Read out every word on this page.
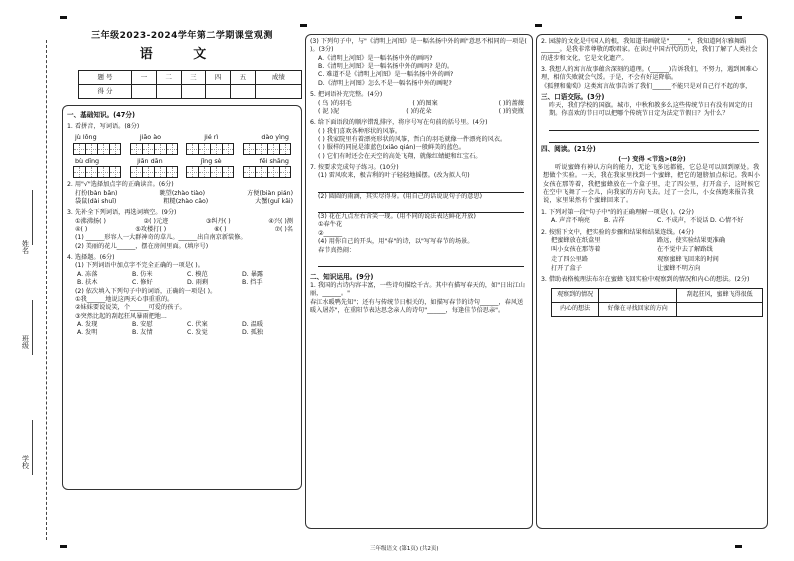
学校
班级
姓名
三年级2023-2024学年第二学期课堂观测
语 文
题 号	一	二	三	四	五	成绩
得 分						
一、基础知识。(47分)
1. 看拼音，写词语。(8分)
jù lǒng	jiāo ào	jié rì	dào yìng
bù dīng	jiǎn dān	jǐng sè	fēi shāng
2. 用"√"选择加点字的正确读音。(6分)
打扮(bàn bān)	眺望(zhào tiào)	方便(biàn pián)
袋鼠(dài shuǐ)	粗糙(zhào cāo)	大蟹(guǐ kāi)
3. 先补全下列词语，再选词填空。(9分)
①沸沸扬( )	②( )元迹	③纠丹( )	④兴( )测
④( )	⑤攻楼打( )	⑥( )	⑦( )名
(1) ______形容人一大群神奇的草儿。______出自南京新装修。
(2) 美丽的花儿______，摆在房间里面。(填序号)
4. 选择题。(6分)
(1) 下列词语中加点字不完全正确的一项是( )。
A. 冻落	B. 仿米	C. 模范	D. 暴露
B. 扶木	C. 修好	D. 雨剩	B. 挡手
(2) 依次填入下列句子中的词语，正确的一项是( )。
①我______地说这两天心事重重的。
②妹妹要说说笑，个______可爱的孩子。
③突然比起的刮起狂风暴雨把地...
A. 发现	B. 安慰	C. 伏案	D. 温暖
A. 发明	B. 友情	C. 发觉	D. 孤独
(3) 下列句子中，与"《清明上河图》是一幅名扬中外的画"意思不相同的一项是( )。(3分)
A.《清明上河图》是一幅名扬中外的画吗?
B.《清明上河图》是一幅名扬中外的画吗? 是的。
C. 难道不是《清明上河图》是一幅名扬中外的画?
D.《清明上河图》怎么不是一幅名扬中外的画呢?
5. 把词语补充完整。(4分)
( 鸟 )的羽毛	( )的图案	( )的蔷薇
( 泥 )泥	( )的花朵	( )的瓷瓶
6. 给下面语段的顺序错乱排序，将序号写在句前的括号里。(4分)
( ) 我们喜欢各种形状的风筝。
( ) 我家院里有着漂亮形状的风筝，哲白的羽毛就像一件漂亮的风衣。
( ) 服样的同昆是漆蓝色(xiāo qián)一般鲜美的蓝色。
( ) 它们有时还会在天空的高处飞翔，就像红蜻蜓和红宝石。
7. 按要求完成句子练习。(10分)
(1) 雷风吹来，极吉利的叶子轻轻地摇摆。(改为拟人句)
(2) 圆圆的雨滴，其实尽得身。(用自己的话说说句子的意思)
(3) 花在九点左右含笑一现。(用不同的说法表达鲜花开放)
①春牛花
②______
(4) 用你自己的开头，用"春"的诗，以"写写春节的场景。
春节真热闹：
二、知识运用。(9分)
1. 我国的古诗内容丰富，一些诗句描绘千古。其中有描写春天的，如"日出江山丽，______。"
春江水暖鸭先知"；还有与传统节日相关的，如描写春节的诗句______，春风送暖入屠苏"，在重阳节表达思念亲人的诗句"______，每逢佳节倍思亲"。
2. 园游的文化是中国人的根，我知道书画就是"______"，我知道阿尔雅舞蹈______。是我非常尊敬的歌唱家。在读过中国古代的历史，我们了解了人类社会的进步和文化，它是文化遗产。
3. 我想人的寓言故事蕴含深刻的道理。(______)告诉我们，不努力，遇到困难心理，相信失败就会气馁。于是，不会有好运降临。
《狐狸和葡萄》这类寓言故事告诉了我们______不能只是对自己行不起的事，
三、口语交际。(3分)
昨天，我们学校的国旗。城市，中秋和教多么这些传统节日有没有固定的日期。你喜欢的节日可以把哪个传统节日定为法定节假日？为什么？
四、阅读。(21分)
(一) 变得 <节选>(8分)
听说蜜蜂有神认方向的能力，无论飞多远都能，它总是可以回到原处。我想做个实验。一天，我在我家里找到一个蜜蜂，把它的翅膀加点标记。我叫小女孩在那等着，我把蜜蜂放在一个盒子里，走了四公里，打开盒子，这时候它在空中飞舞了一会儿，向我家的方向飞去。过了一会儿，小女孩跑来报告我说，家里果然有个蜜蜂回来了。
1. 下列对第一段"句子中"的的正确理解一项是( )。(2分)
A. 声音不响亮	B. 吉祥	C. 不成声，不说话 D. 心情不好
2. 按照下文中，把实验的步骤和结果和结果连线。(4分)
把蜜蜂放在纸盒里	路远，使实验结果更准确
叫小女孩在那等着	在不觉中去了解路线
走了四公里路	观察蜜蜂飞回来的时间
打开了盒子	让蜜蜂不明方向
3. 借助表格梳理法布尔在蜜蜂飞回实验中观察到的情况和内心的想法。(2分)
观察到的情况		刮起狂风，蜜蜂飞得很低
内心的想法	好像在寻找回家的方向	
三年级语文 (第1页) (共2页)
